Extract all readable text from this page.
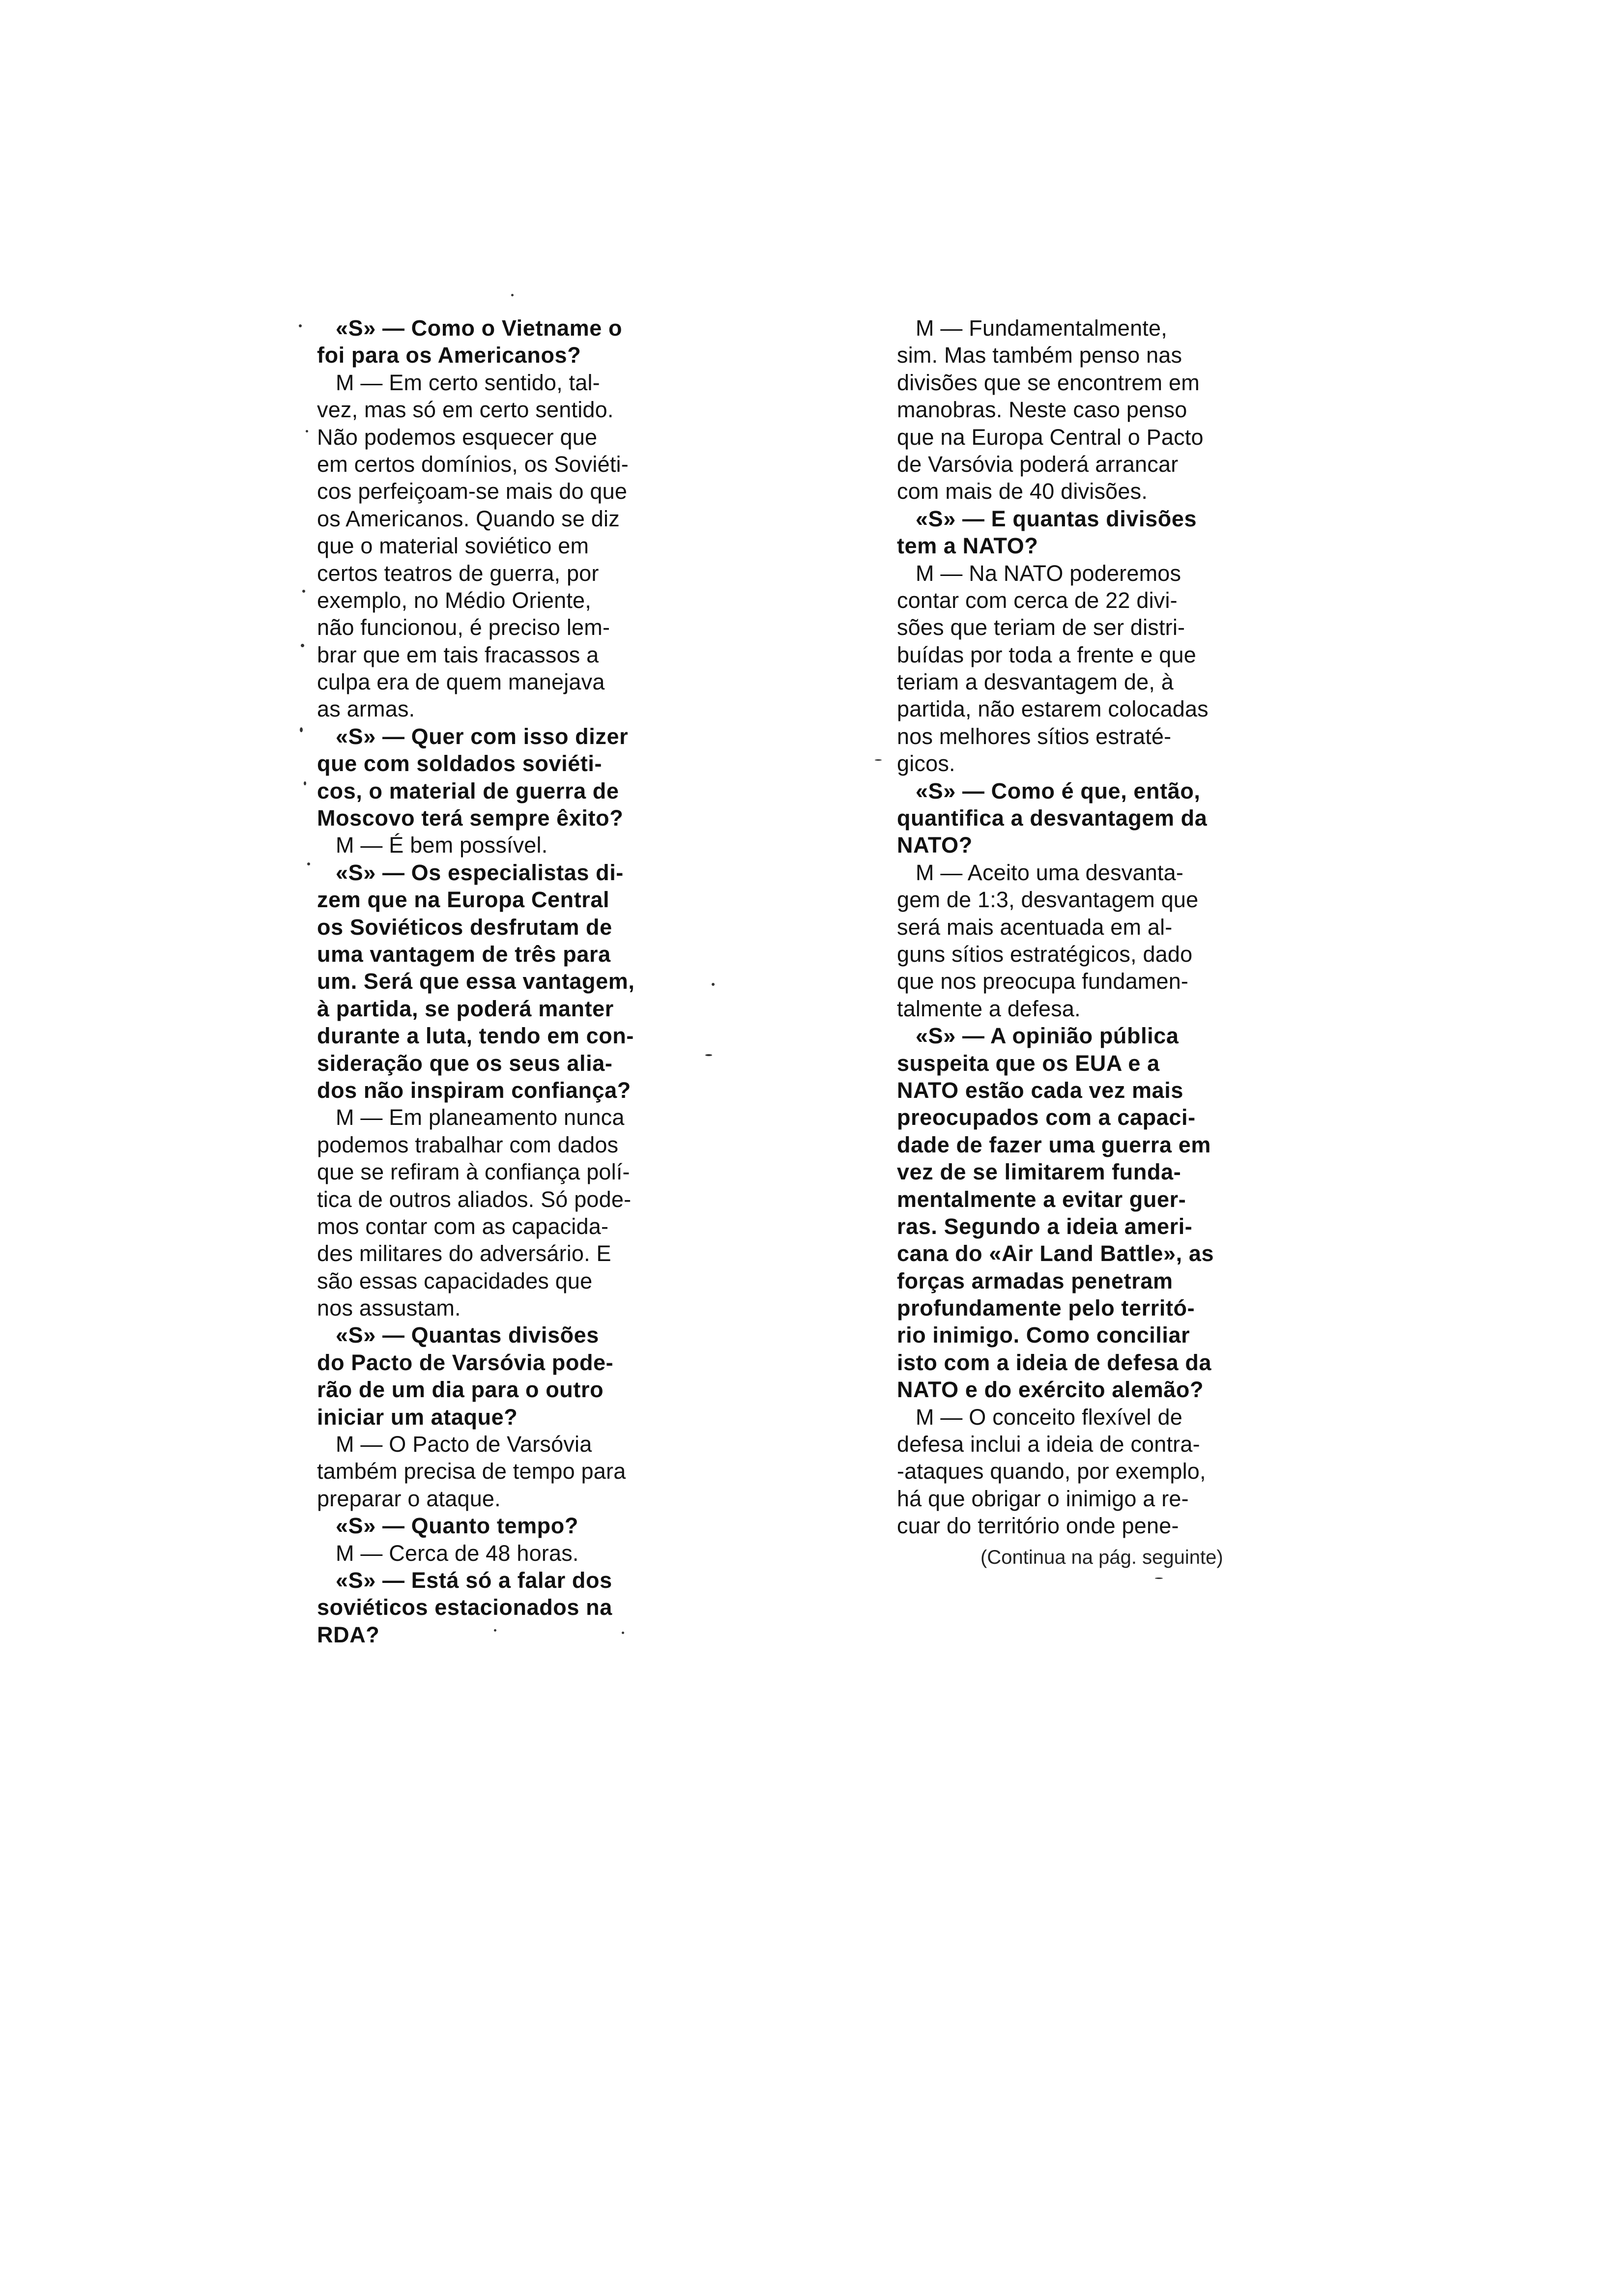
«S» — Como o Vietname o
foi para os Americanos?
M — Em certo sentido, tal-
vez, mas só em certo sentido.
Não podemos esquecer que
em certos domínios, os Soviéti-
cos perfeiçoam-se mais do que
os Americanos. Quando se diz
que o material soviético em
certos teatros de guerra, por
exemplo, no Médio Oriente,
não funcionou, é preciso lem-
brar que em tais fracassos a
culpa era de quem manejava
as armas.
«S» — Quer com isso dizer
que com soldados soviéti-
cos, o material de guerra de
Moscovo terá sempre êxito?
M — É bem possível.
«S» — Os especialistas di-
zem que na Europa Central
os Soviéticos desfrutam de
uma vantagem de três para
um. Será que essa vantagem,
à partida, se poderá manter
durante a luta, tendo em con-
sideração que os seus alia-
dos não inspiram confiança?
M — Em planeamento nunca
podemos trabalhar com dados
que se refiram à confiança polí-
tica de outros aliados. Só pode-
mos contar com as capacida-
des militares do adversário. E
são essas capacidades que
nos assustam.
«S» — Quantas divisões
do Pacto de Varsóvia pode-
rão de um dia para o outro
iniciar um ataque?
M — O Pacto de Varsóvia
também precisa de tempo para
preparar o ataque.
«S» — Quanto tempo?
M — Cerca de 48 horas.
«S» — Está só a falar dos
soviéticos estacionados na
RDA?
M — Fundamentalmente,
sim. Mas também penso nas
divisões que se encontrem em
manobras. Neste caso penso
que na Europa Central o Pacto
de Varsóvia poderá arrancar
com mais de 40 divisões.
«S» — E quantas divisões
tem a NATO?
M — Na NATO poderemos
contar com cerca de 22 divi-
sões que teriam de ser distri-
buídas por toda a frente e que
teriam a desvantagem de, à
partida, não estarem colocadas
nos melhores sítios estraté-
gicos.
«S» — Como é que, então,
quantifica a desvantagem da
NATO?
M — Aceito uma desvanta-
gem de 1:3, desvantagem que
será mais acentuada em al-
guns sítios estratégicos, dado
que nos preocupa fundamen-
talmente a defesa.
«S» — A opinião pública
suspeita que os EUA e a
NATO estão cada vez mais
preocupados com a capaci-
dade de fazer uma guerra em
vez de se limitarem funda-
mentalmente a evitar guer-
ras. Segundo a ideia ameri-
cana do «Air Land Battle», as
forças armadas penetram
profundamente pelo territó-
rio inimigo. Como conciliar
isto com a ideia de defesa da
NATO e do exército alemão?
M — O conceito flexível de
defesa inclui a ideia de contra-
-ataques quando, por exemplo,
há que obrigar o inimigo a re-
cuar do território onde pene-
(Continua na pág. seguinte)
